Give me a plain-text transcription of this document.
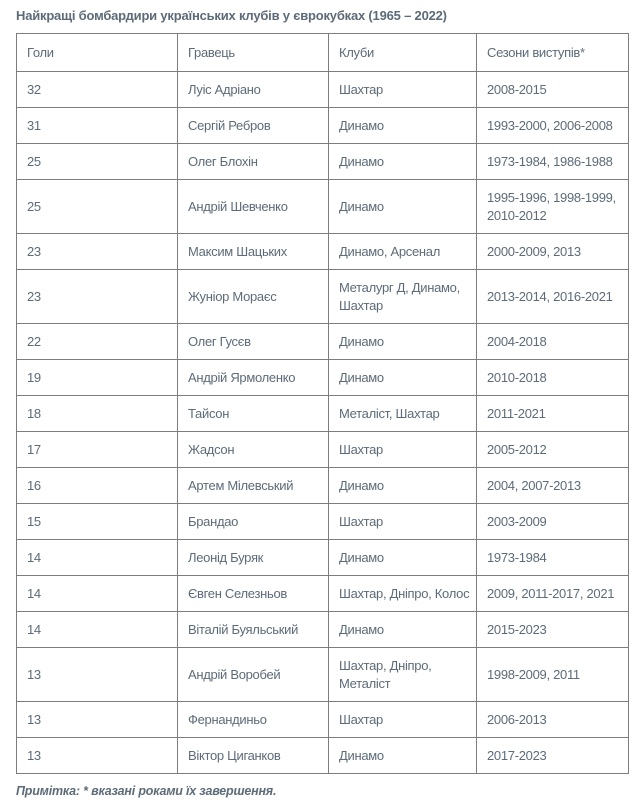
Найкращі бомбардири українських клубів у єврокубках (1965 – 2022)
Голи	Гравець	Клуби	Сезони виступів*
32	Луіс Адріано	Шахтар	2008-2015
31	Сергій Ребров	Динамо	1993-2000, 2006-2008
25	Олег Блохін	Динамо	1973-1984, 1986-1988
25	Андрій Шевченко	Динамо	1995-1996, 1998-1999, 2010-2012
23	Максим Шацьких	Динамо, Арсенал	2000-2009, 2013
23	Жуніор Мораєс	Металург Д, Динамо, Шахтар	2013-2014, 2016-2021
22	Олег Гусєв	Динамо	2004-2018
19	Андрій Ярмоленко	Динамо	2010-2018
18	Тайсон	Металіст, Шахтар	2011-2021
17	Жадсон	Шахтар	2005-2012
16	Артем Мілевський	Динамо	2004, 2007-2013
15	Брандао	Шахтар	2003-2009
14	Леонід Буряк	Динамо	1973-1984
14	Євген Селезньов	Шахтар, Дніпро, Колос	2009, 2011-2017, 2021
14	Віталій Буяльський	Динамо	2015-2023
13	Андрій Воробей	Шахтар, Дніпро, Металіст	1998-2009, 2011
13	Фернандиньо	Шахтар	2006-2013
13	Віктор Циганков	Динамо	2017-2023

Примітка: * вказані роками їх завершення.
